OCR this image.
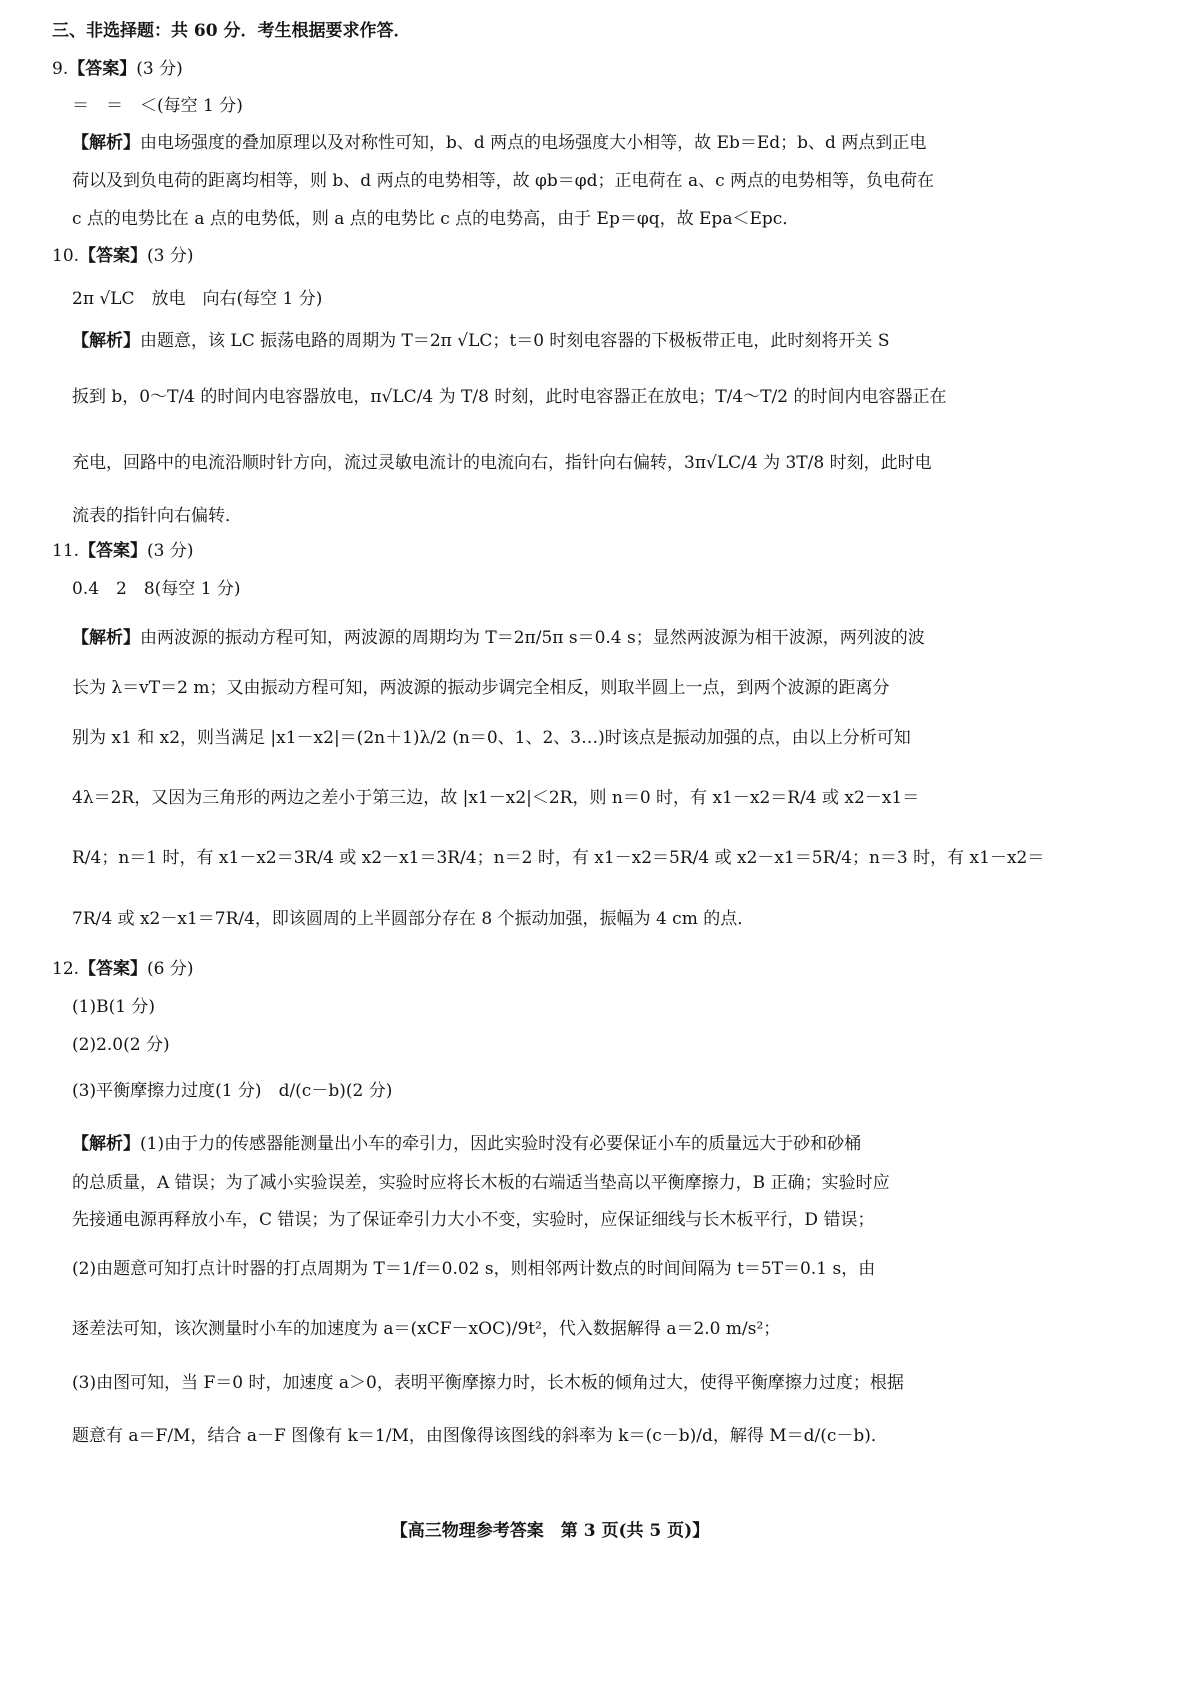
三、非选择题：共 60 分．考生根据要求作答．
9.【答案】(3 分)
＝　＝　＜(每空 1 分)
【解析】由电场强度的叠加原理以及对称性可知，b、d 两点的电场强度大小相等，故 Eb＝Ed；b、d 两点到正电
荷以及到负电荷的距离均相等，则 b、d 两点的电势相等，故 φb＝φd；正电荷在 a、c 两点的电势相等，负电荷在
c 点的电势比在 a 点的电势低，则 a 点的电势比 c 点的电势高，由于 Ep＝φq，故 Epa＜Epc．
10.【答案】(3 分)
2π √LC　放电　向右(每空 1 分)
【解析】由题意，该 LC 振荡电路的周期为 T＝2π √LC；t＝0 时刻电容器的下极板带正电，此时刻将开关 S
扳到 b，0～T/4 的时间内电容器放电，π√LC/4 为 T/8 时刻，此时电容器正在放电；T/4～T/2 的时间内电容器正在
充电，回路中的电流沿顺时针方向，流过灵敏电流计的电流向右，指针向右偏转，3π√LC/4 为 3T/8 时刻，此时电
流表的指针向右偏转．
11.【答案】(3 分)
0.4　2　8(每空 1 分)
【解析】由两波源的振动方程可知，两波源的周期均为 T＝2π/5π s＝0.4 s；显然两波源为相干波源，两列波的波
长为 λ＝vT＝2 m；又由振动方程可知，两波源的振动步调完全相反，则取半圆上一点，到两个波源的距离分
别为 x1 和 x2，则当满足 |x1－x2|＝(2n＋1)λ/2 (n＝0、1、2、3…)时该点是振动加强的点，由以上分析可知
4λ＝2R，又因为三角形的两边之差小于第三边，故 |x1－x2|＜2R，则 n＝0 时，有 x1－x2＝R/4 或 x2－x1＝
R/4；n＝1 时，有 x1－x2＝3R/4 或 x2－x1＝3R/4；n＝2 时，有 x1－x2＝5R/4 或 x2－x1＝5R/4；n＝3 时，有 x1－x2＝
7R/4 或 x2－x1＝7R/4，即该圆周的上半圆部分存在 8 个振动加强，振幅为 4 cm 的点．
12.【答案】(6 分)
(1)B(1 分)
(2)2.0(2 分)
(3)平衡摩擦力过度(1 分)　d/(c－b)(2 分)
【解析】(1)由于力的传感器能测量出小车的牵引力，因此实验时没有必要保证小车的质量远大于砂和砂桶
的总质量，A 错误；为了减小实验误差，实验时应将长木板的右端适当垫高以平衡摩擦力，B 正确；实验时应
先接通电源再释放小车，C 错误；为了保证牵引力大小不变，实验时，应保证细线与长木板平行，D 错误；
(2)由题意可知打点计时器的打点周期为 T＝1/f＝0.02 s，则相邻两计数点的时间间隔为 t＝5T＝0.1 s，由
逐差法可知，该次测量时小车的加速度为 a＝(xCF－xOC)/9t²，代入数据解得 a＝2.0 m/s²；
(3)由图可知，当 F＝0 时，加速度 a＞0，表明平衡摩擦力时，长木板的倾角过大，使得平衡摩擦力过度；根据
题意有 a＝F/M，结合 a－F 图像有 k＝1/M，由图像得该图线的斜率为 k＝(c－b)/d，解得 M＝d/(c－b)．
【高三物理参考答案　第 3 页(共 5 页)】
